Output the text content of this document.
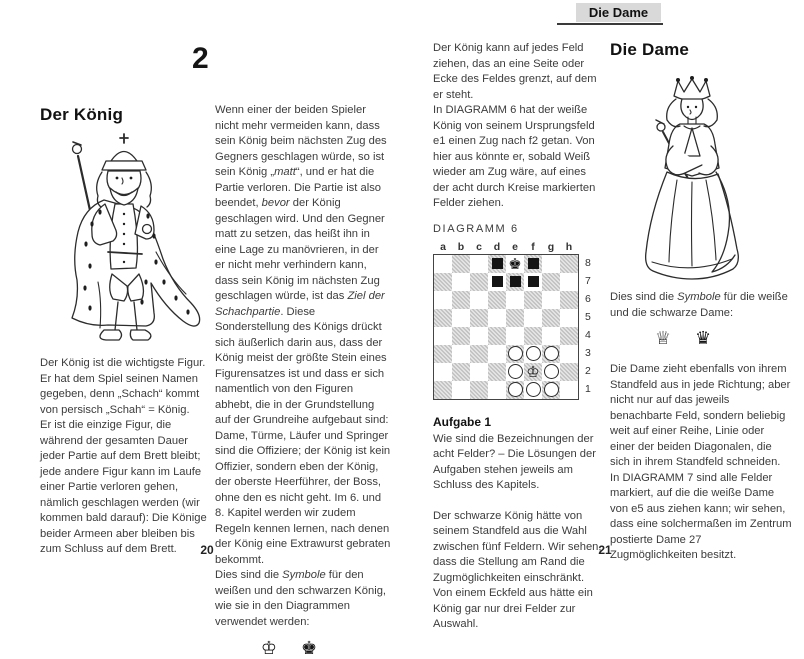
Die Dame
2
Der König
Der König ist die wichtigste Figur. Er hat dem Spiel seinen Namen gegeben, denn „Schach“ kommt von persisch „Schah“ = König.
Er ist die einzige Figur, die während der gesamten Dauer jeder Partie auf dem Brett bleibt; jede andere Figur kann im Laufe einer Partie verloren gehen, nämlich geschlagen werden (wir kommen bald darauf): Die Könige beider Armeen aber bleiben bis zum Schluss auf dem Brett.
Wenn einer der beiden Spieler nicht mehr vermeiden kann, dass sein König beim nächsten Zug des Gegners geschlagen würde, so ist sein König „matt“, und er hat die Partie verloren. Die Partie ist also beendet, bevor der König geschlagen wird. Und den Gegner matt zu setzen, das heißt ihn in eine Lage zu manövrieren, in der er nicht mehr verhindern kann, dass sein König im nächsten Zug geschlagen würde, ist das Ziel der Schachpartie. Diese Sonderstellung des Königs drückt sich äußerlich darin aus, dass der König meist der größte Stein eines Figurensatzes ist und dass er sich namentlich von den Figuren abhebt, die in der Grundstellung auf der Grundreihe aufgebaut sind: Dame, Türme, Läufer und Springer sind die Offiziere; der König ist kein Offizier, sondern eben der König, der oberste Heerführer, der Boss, ohne den es nicht geht. Im 6. und 8. Kapitel werden wir zudem Regeln kennen lernen, nach denen der König eine Extrawurst gebraten bekommt.
Dies sind die Symbole für den weißen und den schwarzen König, wie sie in den Diagrammen verwendet werden:
♔ ♚
Der König kann auf jedes Feld ziehen, das an eine Seite oder Ecke des Feldes grenzt, auf dem er steht.
In DIAGRAMM 6 hat der weiße König von seinem Ursprungsfeld e1 einen Zug nach f2 getan. Von hier aus könnte er, sobald Weiß wieder am Zug wäre, auf eines der acht durch Kreise markierten Felder ziehen.
DIAGRAMM 6
a	b	c	d	e	f	g	h
♚
♔
8
7
6
5
4
3
2
1
Aufgabe 1
Wie sind die Bezeichnungen der acht Felder? – Die Lösungen der Aufgaben stehen jeweils am Schluss des Kapitels.
Der schwarze König hätte von seinem Standfeld aus die Wahl zwischen fünf Feldern. Wir sehen, dass die Stellung am Rand die Zugmöglichkeiten einschränkt. Von einem Eckfeld aus hätte ein König gar nur drei Felder zur Auswahl.
Die Dame
Dies sind die Symbole für die weiße und die schwarze Dame:
♕ ♛
Die Dame zieht ebenfalls von ihrem Standfeld aus in jede Richtung; aber nicht nur auf das jeweils benachbarte Feld, sondern beliebig weit auf einer Reihe, Linie oder einer der beiden Diagonalen, die sich in ihrem Standfeld schneiden.
In DIAGRAMM 7 sind alle Felder markiert, auf die die weiße Dame von e5 aus ziehen kann; wir sehen, dass eine solchermaßen im Zentrum postierte Dame 27 Zugmöglichkeiten besitzt.
20	21
